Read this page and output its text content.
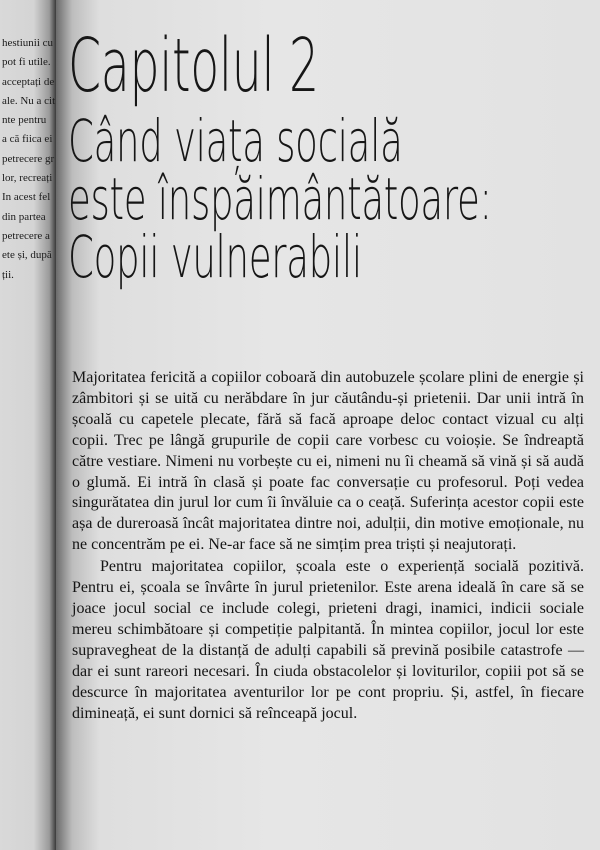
hestiunii cu
pot fi utile.
acceptați de
ale. Nu a cit
nte pentru
a că fiica ei
petrecere gr
lor, recreați
In acest fel
din partea
petrecere a
ete și, după
ții.
Capitolul 2
Când viața socială
este înspăimântătoare:
Copii vulnerabili

Majoritatea fericită a copiilor coboară din autobuzele școlare plini de energie și zâmbitori și se uită cu nerăbdare în jur căutându-și prietenii. Dar unii intră în școală cu capetele plecate, fără să facă aproape deloc contact vizual cu alți copii. Trec pe lângă grupurile de copii care vorbesc cu voioșie. Se îndreaptă către vestiare. Nimeni nu vorbește cu ei, nimeni nu îi cheamă să vină și să audă o glumă. Ei intră în clasă și poate fac conversație cu profesorul. Poți vedea singurătatea din jurul lor cum îi învăluie ca o ceață. Suferința acestor copii este așa de dureroasă încât majoritatea dintre noi, adulții, din motive emoționale, nu ne concentrăm pe ei. Ne-ar face să ne simțim prea triști și neajutorați.

Pentru majoritatea copiilor, școala este o experiență socială pozitivă. Pentru ei, școala se învârte în jurul prietenilor. Este arena ideală în care să se joace jocul social ce include colegi, prieteni dragi, inamici, indicii sociale mereu schimbătoare și competiție palpitantă. În mintea copiilor, jocul lor este supravegheat de la distanță de adulți capabili să prevină posibile catastrofe — dar ei sunt rareori necesari. În ciuda obstacolelor și loviturilor, copiii pot să se descurce în majoritatea aventurilor lor pe cont propriu. Și, astfel, în fiecare dimineață, ei sunt dornici să reînceapă jocul.
